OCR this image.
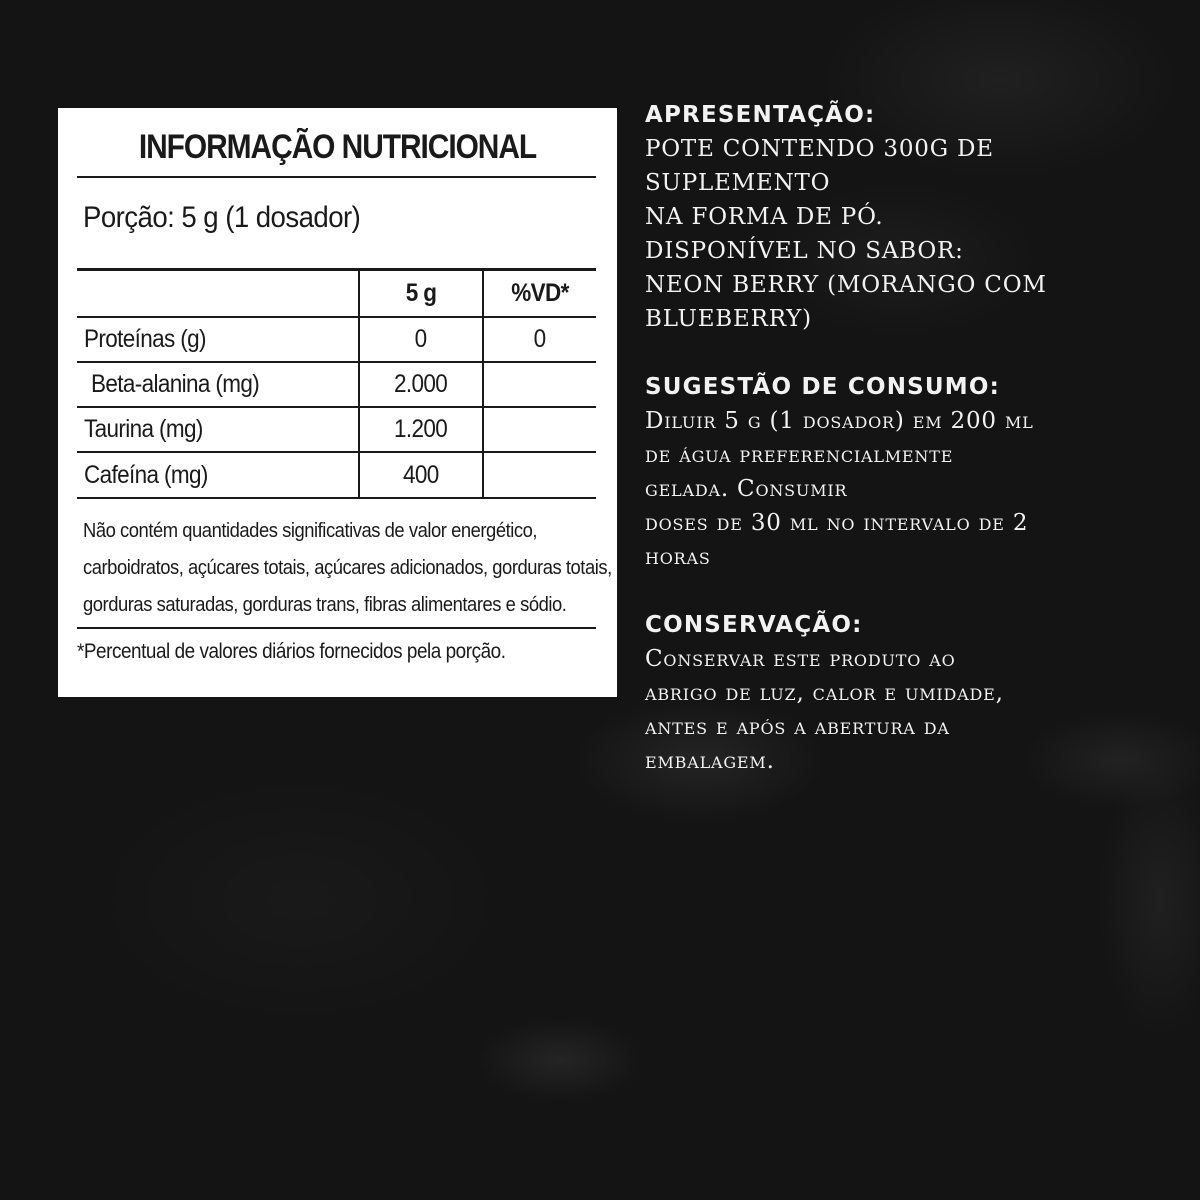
INFORMAÇÃO NUTRICIONAL
Porção: 5 g (1 dosador)
	5 g	%VD*
Proteínas (g)	0	0
Beta-alanina (mg)	2.000	
Taurina (mg)	1.200	
Cafeína (mg)	400	
Não contém quantidades significativas de valor energético,
carboidratos, açúcares totais, açúcares adicionados, gorduras totais,
gorduras saturadas, gorduras trans, fibras alimentares e sódio.
*Percentual de valores diários fornecidos pela porção.
APRESENTAÇÃO:
POTE CONTENDO 300G DE
SUPLEMENTO
NA FORMA DE PÓ.
DISPONÍVEL NO SABOR:
NEON BERRY (MORANGO COM
BLUEBERRY)
SUGESTÃO DE CONSUMO:
Diluir 5 g (1 dosador) em 200 ml
de água preferencialmente
gelada. Consumir
doses de 30 ml no intervalo de 2
horas
CONSERVAÇÃO:
Conservar este produto ao
abrigo de luz, calor e umidade,
antes e após a abertura da
embalagem.
